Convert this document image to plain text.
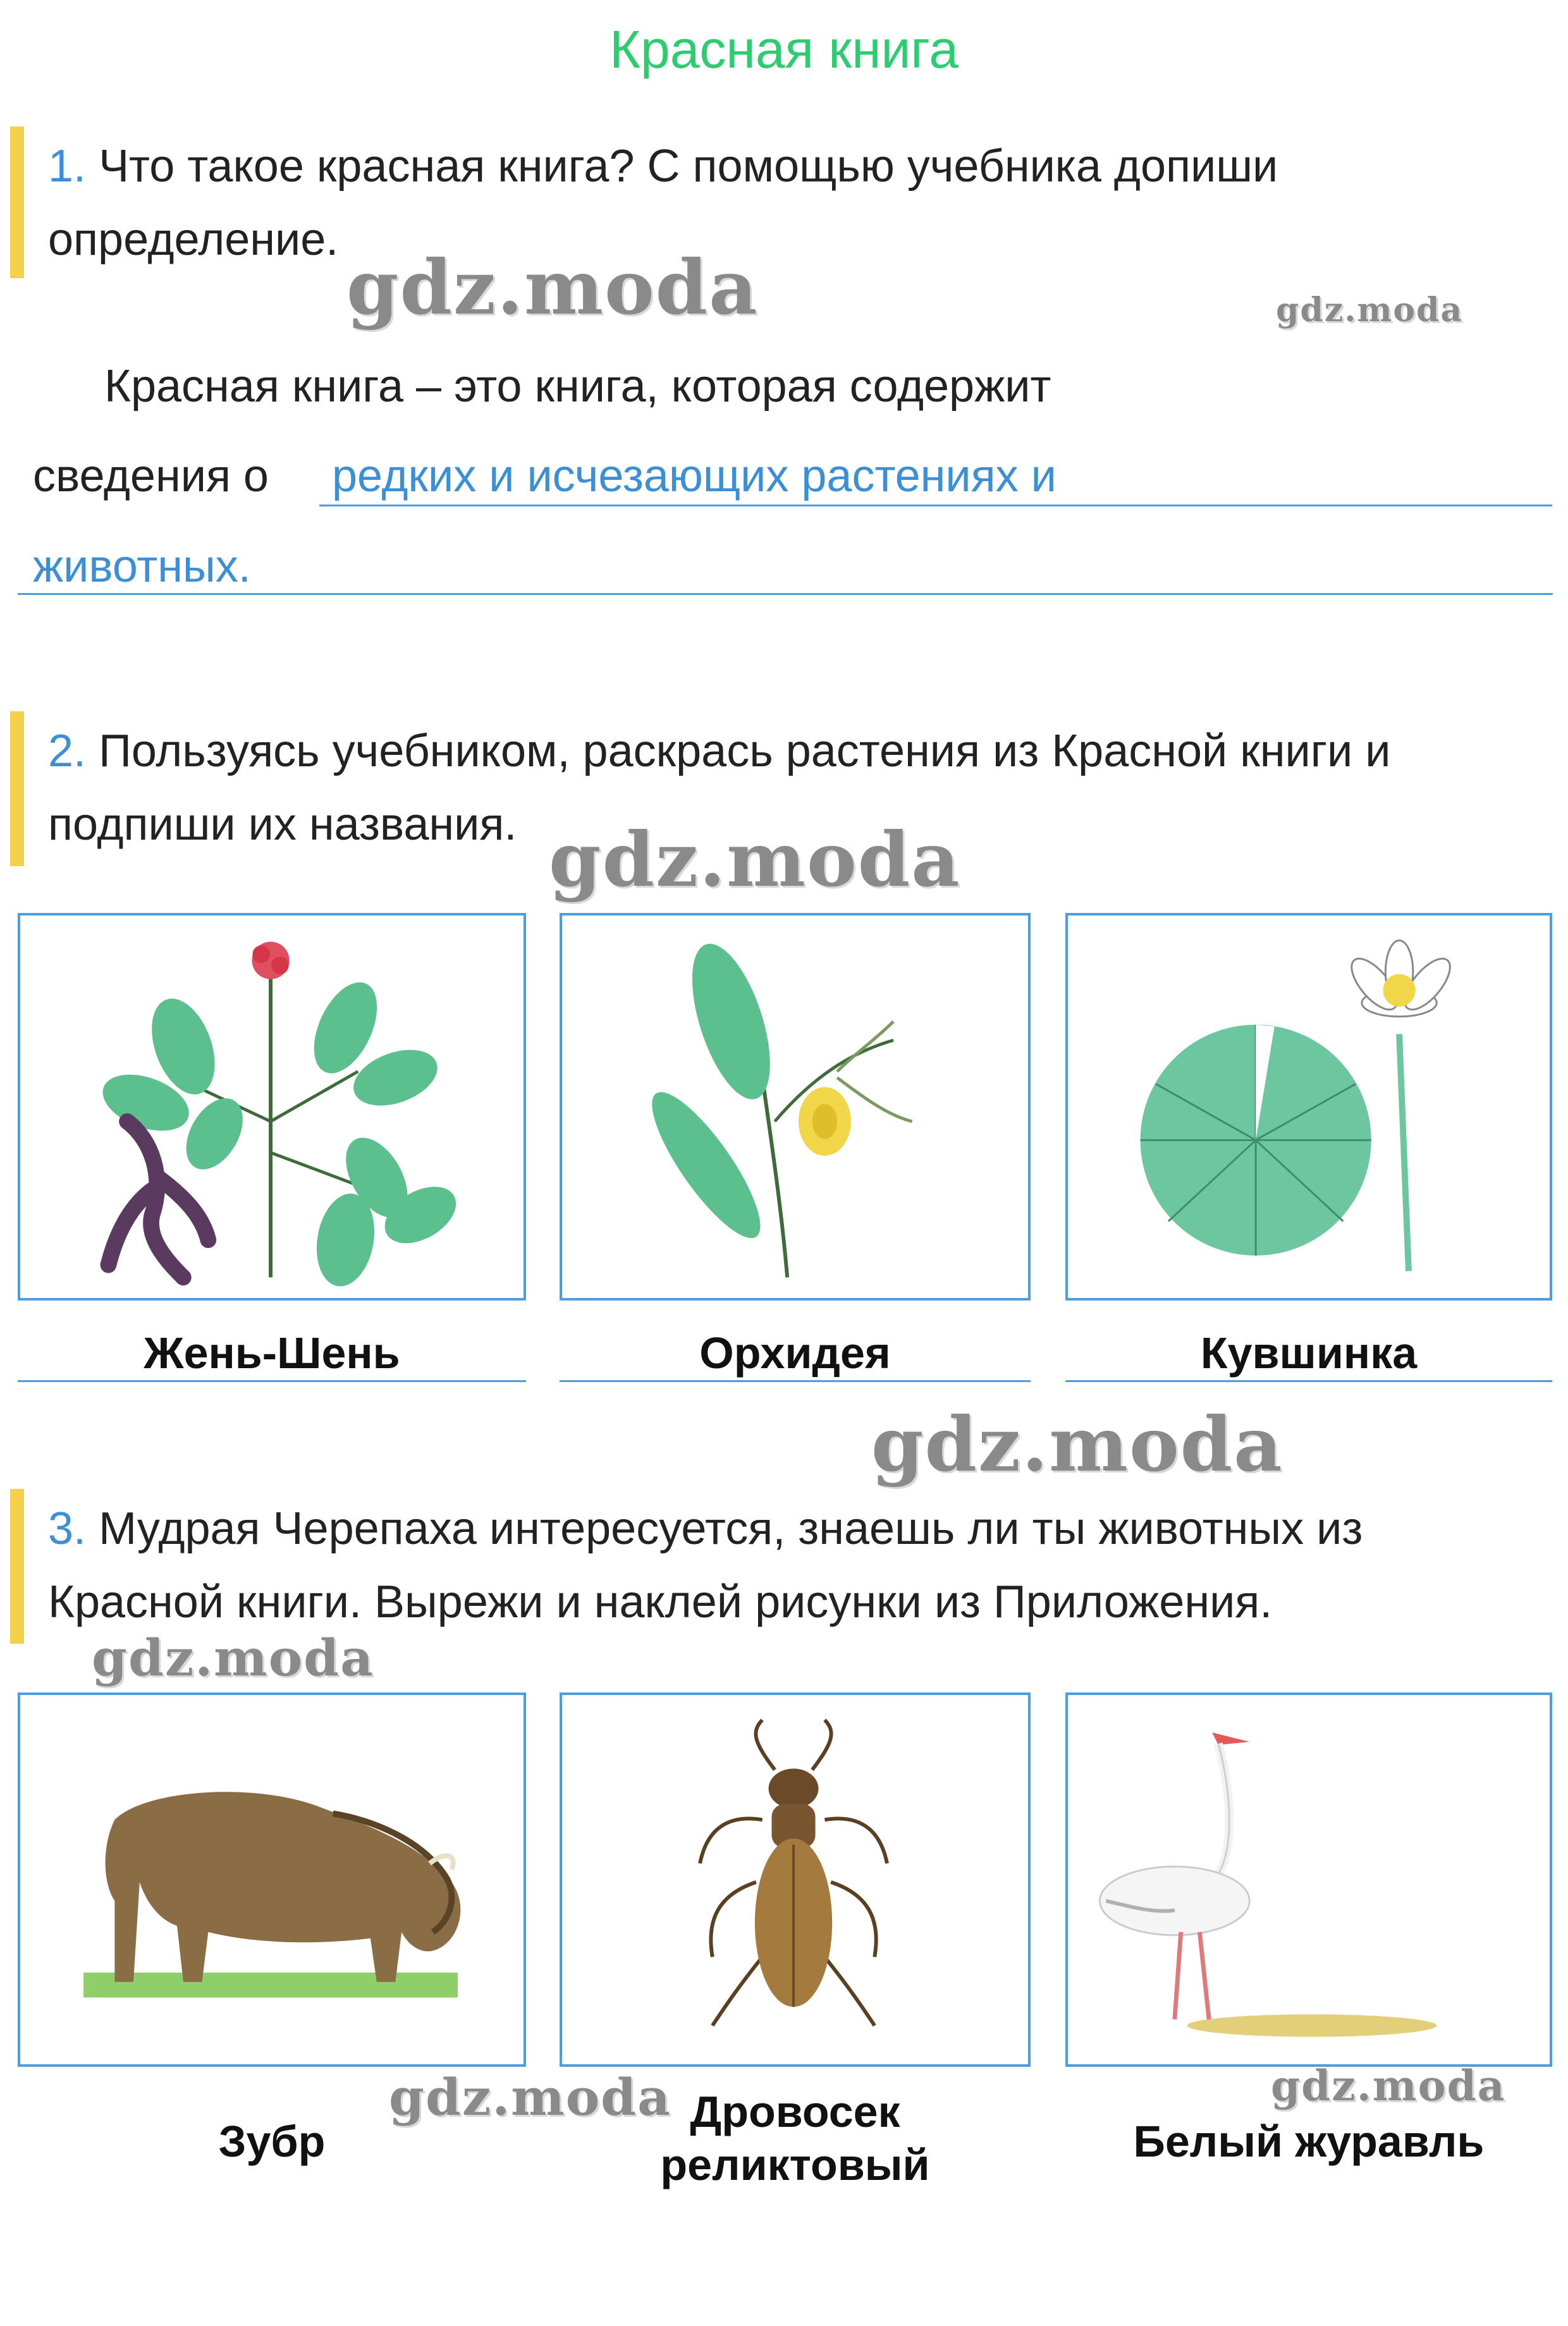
Красная книга
1. Что такое красная книга? С помощью учебника допиши определение.
gdz.moda	gdz.moda
Красная книга – это книга, которая содержит
сведения о редких и исчезающих растениях и
животных.
2. Пользуясь учебником, раскрась растения из Красной книги и подпиши их названия. gdz.moda
Жень-Шень	Орхидея	Кувшинка
gdz.moda
3. Мудрая Черепаха интересуется, знаешь ли ты животных из Красной книги. Вырежи и наклей рисунки из Приложения.
gdz.moda
Зубр
Дровосек
реликтовый	Белый журавль
gdz.moda	gdz.moda
